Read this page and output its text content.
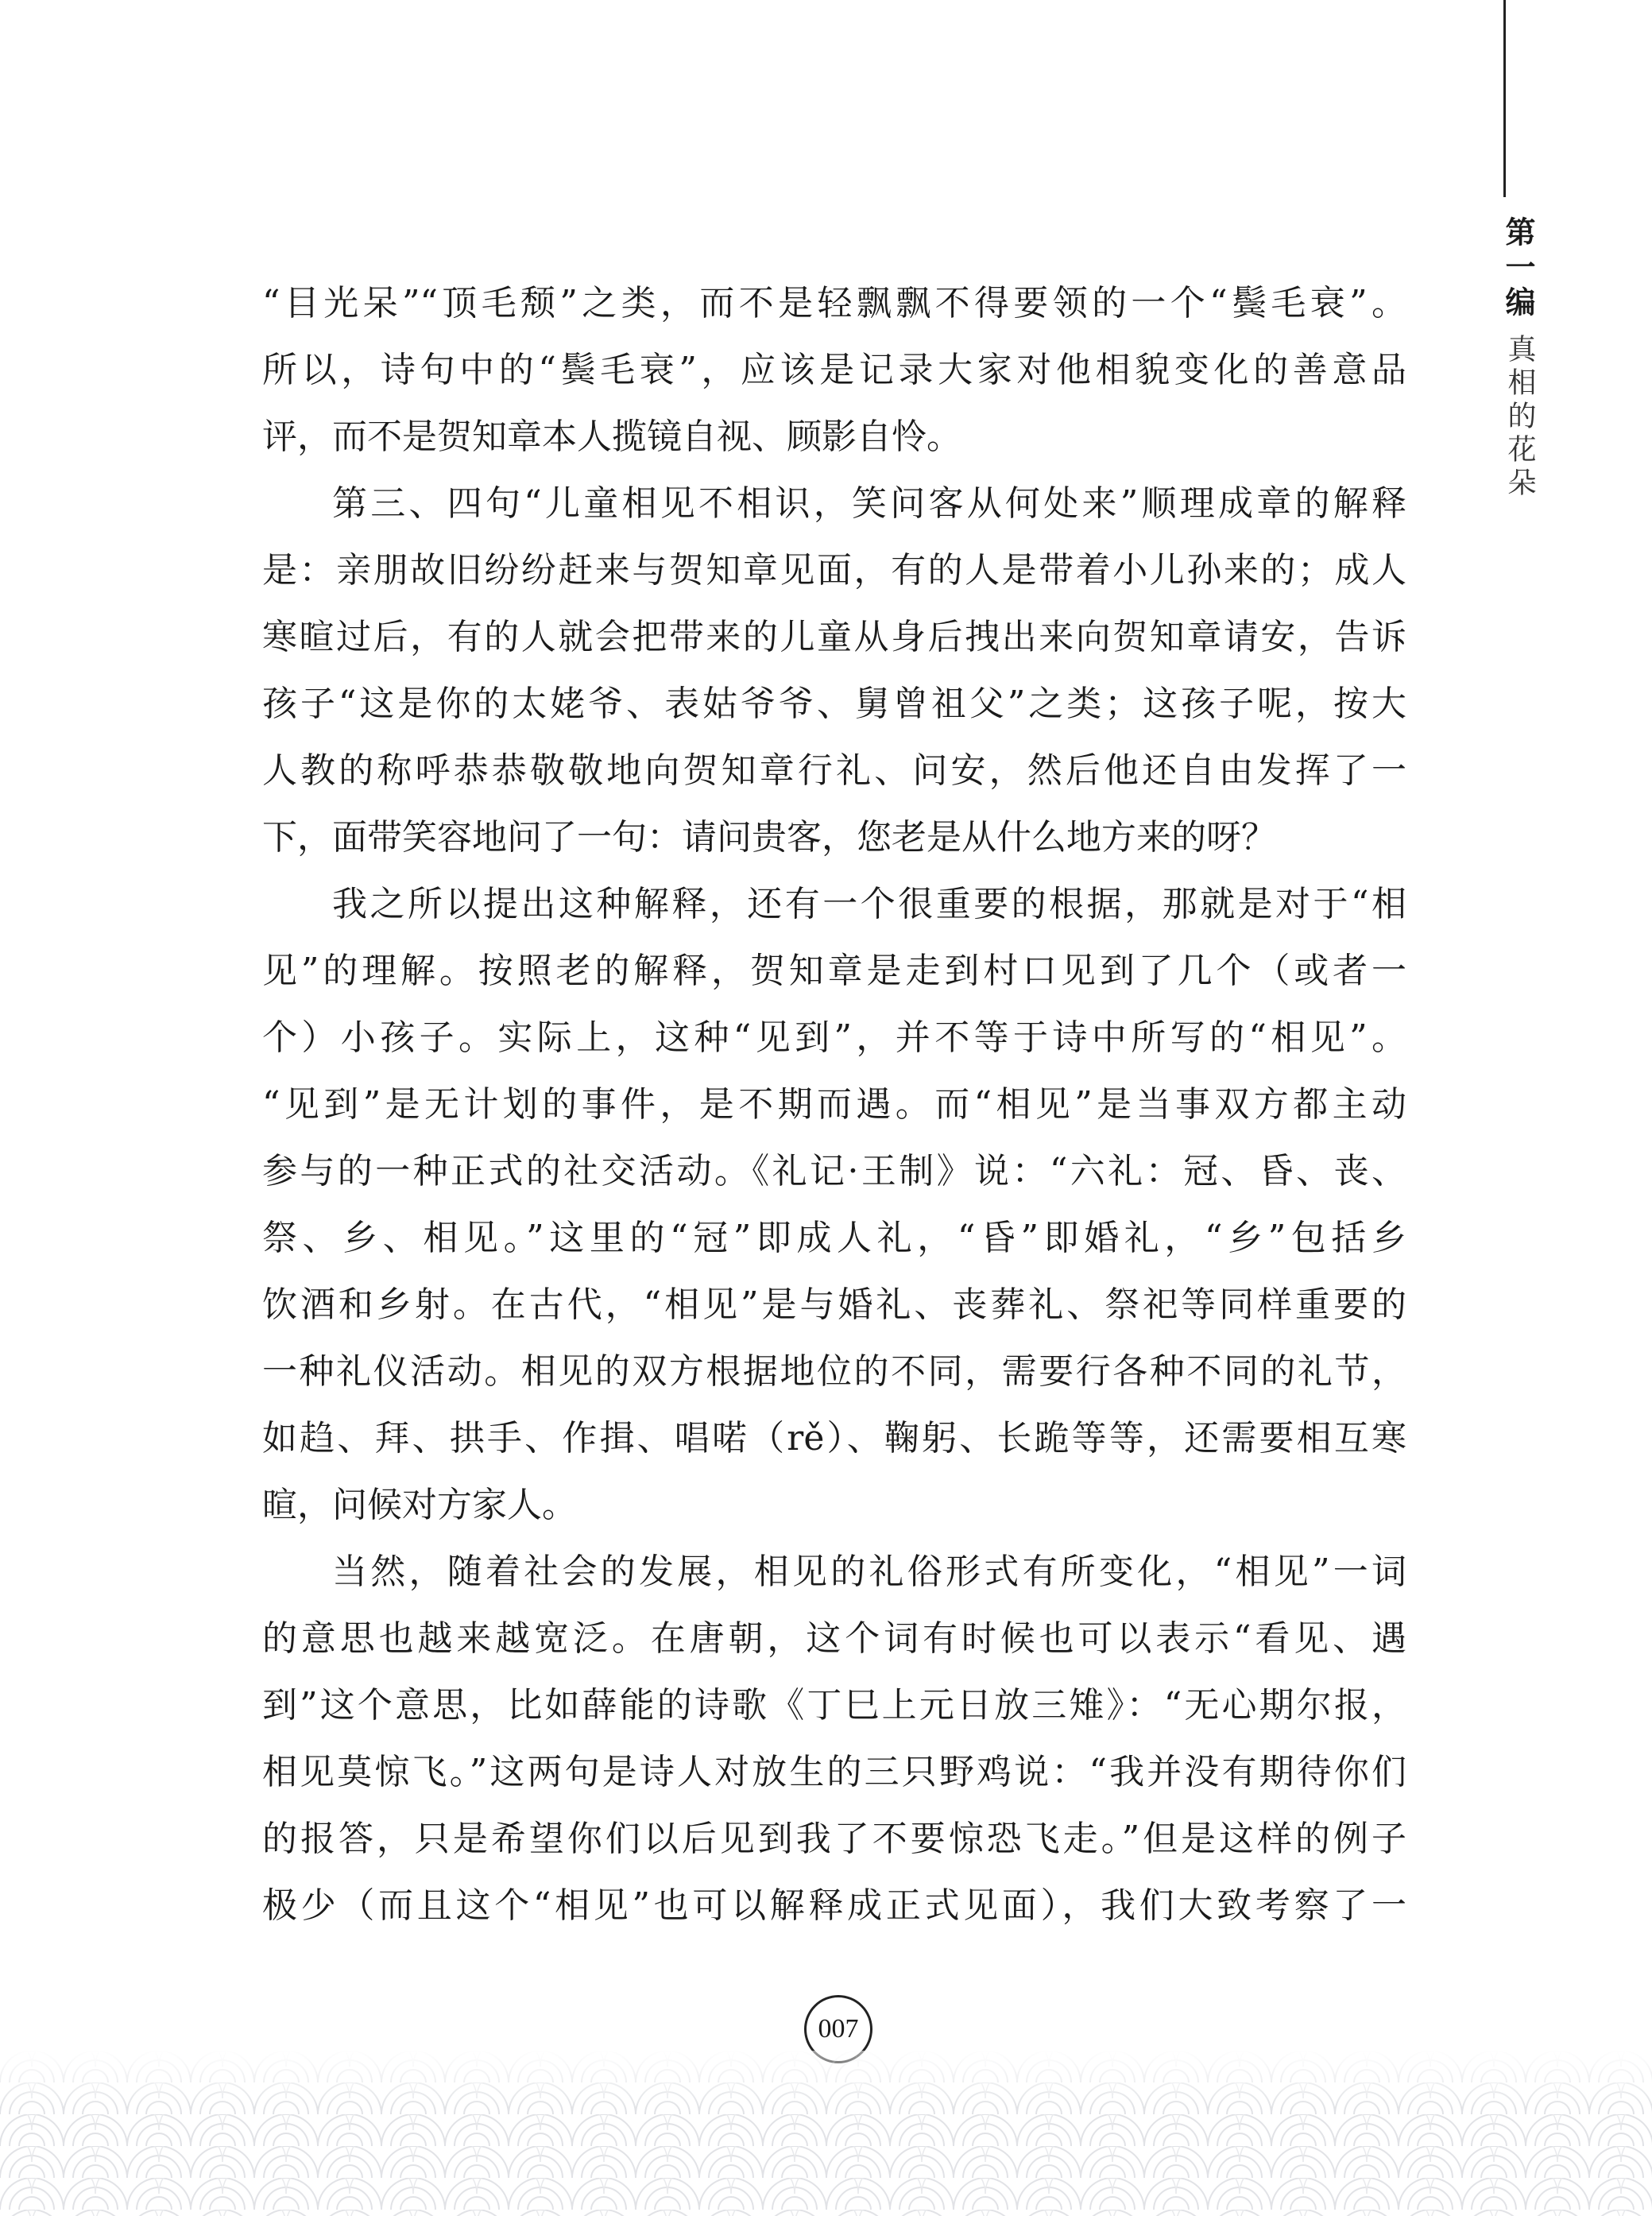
第一编
真相的花朵
“目光呆”“顶毛颓”之类，而不是轻飘飘不得要领的一个“鬓毛衰”。
所以，诗句中的“鬓毛衰”，应该是记录大家对他相貌变化的善意品
评，而不是贺知章本人揽镜自视、顾影自怜。
第三、四句“儿童相见不相识，笑问客从何处来”顺理成章的解释
是：亲朋故旧纷纷赶来与贺知章见面，有的人是带着小儿孙来的；成人
寒暄过后，有的人就会把带来的儿童从身后拽出来向贺知章请安，告诉
孩子“这是你的太姥爷、表姑爷爷、舅曾祖父”之类；这孩子呢，按大
人教的称呼恭恭敬敬地向贺知章行礼、问安，然后他还自由发挥了一
下，面带笑容地问了一句：请问贵客，您老是从什么地方来的呀？
我之所以提出这种解释，还有一个很重要的根据，那就是对于“相
见”的理解。按照老的解释，贺知章是走到村口见到了几个（或者一
个）小孩子。实际上，这种“见到”，并不等于诗中所写的“相见”。
“见到”是无计划的事件，是不期而遇。而“相见”是当事双方都主动
参与的一种正式的社交活动。《礼记·王制》说：“六礼：冠、昏、丧、
祭、乡、相见。”这里的“冠”即成人礼，“昏”即婚礼，“乡”包括乡
饮酒和乡射。在古代，“相见”是与婚礼、丧葬礼、祭祀等同样重要的
一种礼仪活动。相见的双方根据地位的不同，需要行各种不同的礼节，
如趋、拜、拱手、作揖、唱喏（rě）、鞠躬、长跪等等，还需要相互寒
暄，问候对方家人。
当然，随着社会的发展，相见的礼俗形式有所变化，“相见”一词
的意思也越来越宽泛。在唐朝，这个词有时候也可以表示“看见、遇
到”这个意思，比如薛能的诗歌《丁巳上元日放三雉》：“无心期尔报，
相见莫惊飞。”这两句是诗人对放生的三只野鸡说：“我并没有期待你们
的报答，只是希望你们以后见到我了不要惊恐飞走。”但是这样的例子
极少（而且这个“相见”也可以解释成正式见面），我们大致考察了一
007
